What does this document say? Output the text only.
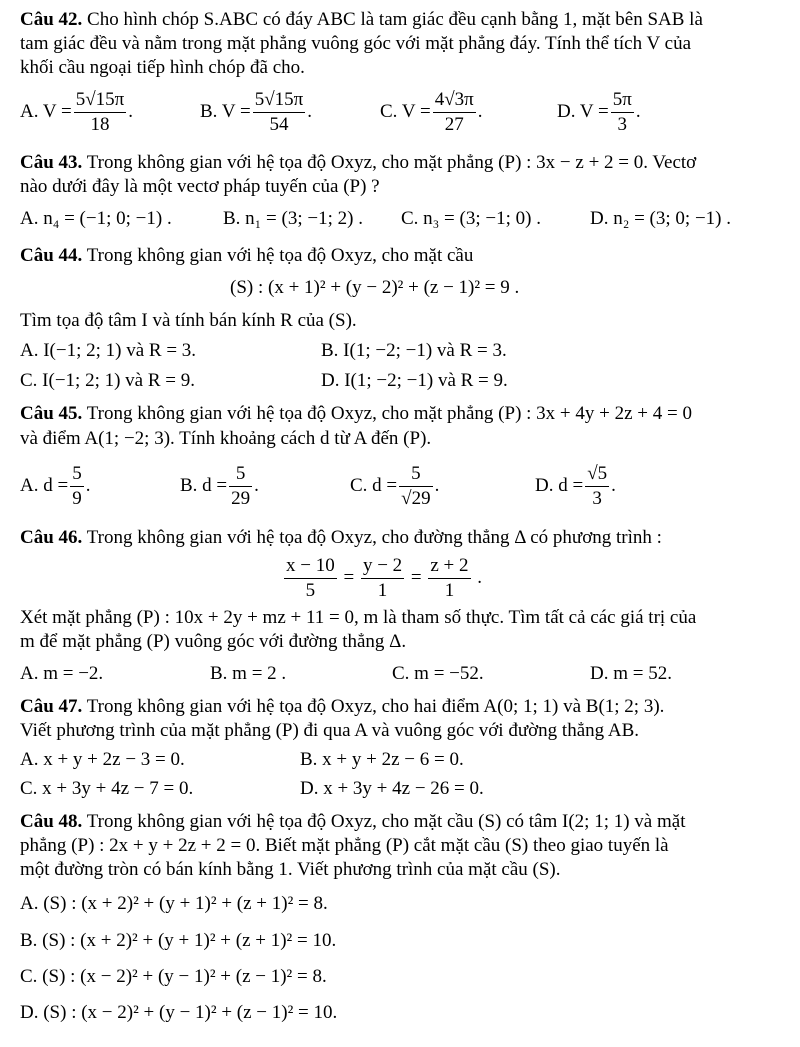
Câu 42. Cho hình chóp S.ABC có đáy ABC là tam giác đều cạnh bằng 1, mặt bên SAB là
tam giác đều và nằm trong mặt phẳng vuông góc với mặt phẳng đáy. Tính thể tích V của
khối cầu ngoại tiếp hình chóp đã cho.
A. $V = \frac{5√15\pi}{18}$ .	B. $V = \frac{5√15\pi}{54}$ .	C. $V = \frac{4√3\pi}{27}$ .	D. $V = \frac{5\pi}{3}$ .
Câu 43. Trong không gian với hệ tọa độ Oxyz, cho mặt phẳng (P) : 3x − z + 2 = 0. Vectơ
nào dưới đây là một vectơ pháp tuyến của (P) ?
A. n₄ = (−1; 0; −1) .	B. n₁ = (3; −1; 2) . C. n₃ = (3; −1; 0) .	D. n₂ = (3; 0; −1) .
Câu 44. Trong không gian với hệ tọa độ Oxyz, cho mặt cầu
(S) : (x + 1)² + (y − 2)² + (z − 1)² = 9 .
Tìm tọa độ tâm I và tính bán kính R của (S).
A. I(−1; 2; 1) và R = 3.	B. I(1; −2; −1) và R = 3.
C. I(−1; 2; 1) và R = 9.	D. I(1; −2; −1) và R = 9.
Câu 45. Trong không gian với hệ tọa độ Oxyz, cho mặt phẳng (P) : 3x + 4y + 2z + 4 = 0
và điểm A(1; −2; 3). Tính khoảng cách d từ A đến (P).
A. $d = \frac{5}{9}$ .	B. $d = \frac{5}{29}$ .	C. $d = \frac{5}{√29}$ .	D. $d = \frac{√5}{3}$ .
Câu 46. Trong không gian với hệ tọa độ Oxyz, cho đường thẳng Δ có phương trình :
$\frac{x - 10}{5} = \frac{y - 2}{1} = \frac{z + 2}{1}$ .
Xét mặt phẳng (P) : 10x + 2y + mz + 11 = 0, m là tham số thực. Tìm tất cả các giá trị của
m để mặt phẳng (P) vuông góc với đường thẳng Δ.
A. m = −2.	B. m = 2 .	C. m = −52.	D. m = 52.
Câu 47. Trong không gian với hệ tọa độ Oxyz, cho hai điểm A(0; 1; 1) và B(1; 2; 3).
Viết phương trình của mặt phẳng (P) đi qua A và vuông góc với đường thẳng AB.
A. x + y + 2z − 3 = 0.	B. x + y + 2z − 6 = 0.
C. x + 3y + 4z − 7 = 0.	D. x + 3y + 4z − 26 = 0.
Câu 48. Trong không gian với hệ tọa độ Oxyz, cho mặt cầu (S) có tâm I(2; 1; 1) và mặt
phẳng (P) : 2x + y + 2z + 2 = 0. Biết mặt phẳng (P) cắt mặt cầu (S) theo giao tuyến là
một đường tròn có bán kính bằng 1. Viết phương trình của mặt cầu (S).
A. (S) : (x + 2)² + (y + 1)² + (z + 1)² = 8.
B. (S) : (x + 2)² + (y + 1)² + (z + 1)² = 10.
C. (S) : (x − 2)² + (y − 1)² + (z − 1)² = 8.
D. (S) : (x − 2)² + (y − 1)² + (z − 1)² = 10.
